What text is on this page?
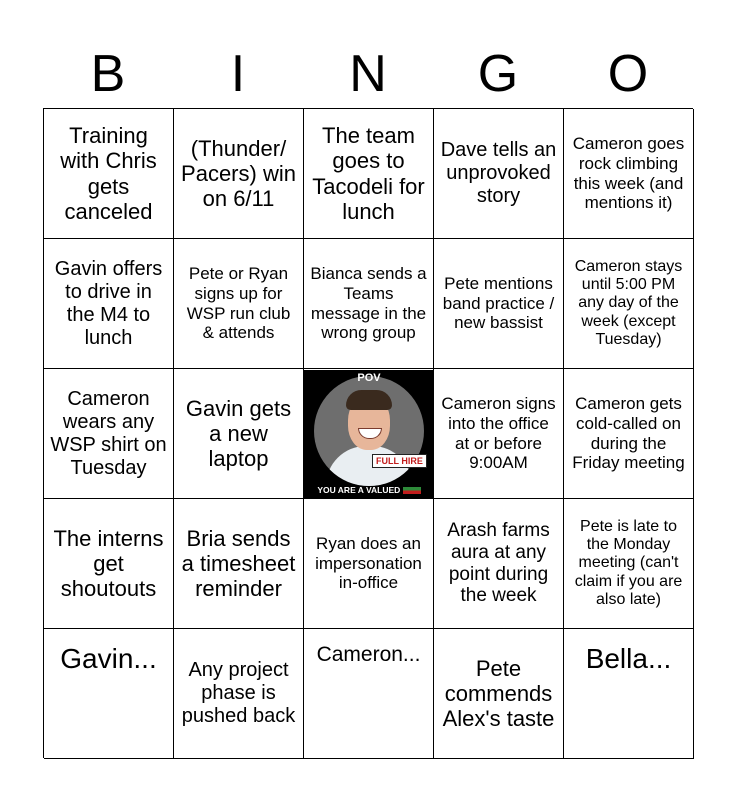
B	I	N	G	O
Training with Chris gets canceled
(Thunder/ Pacers) win on 6/11
The team goes to Tacodeli for lunch
Dave tells an unprovoked story
Cameron goes rock climbing this week (and mentions it)
Gavin offers to drive in the M4 to lunch
Pete or Ryan signs up for WSP run club & attends
Bianca sends a Teams message in the wrong group
Pete mentions band practice / new bassist
Cameron stays until 5:00 PM any day of the week (except Tuesday)
Cameron wears any WSP shirt on Tuesday
Gavin gets a new laptop
POV
FULL HIRE
YOU ARE A VALUED
Cameron signs into the office at or before 9:00AM
Cameron gets cold-called on during the Friday meeting
The interns get shoutouts
Bria sends a timesheet reminder
Ryan does an impersonation in-office
Arash farms aura at any point during the week
Pete is late to the Monday meeting (can't claim if you are also late)
Gavin...	Any project phase is pushed back
Cameron...
Pete commends Alex's taste
Bella...
